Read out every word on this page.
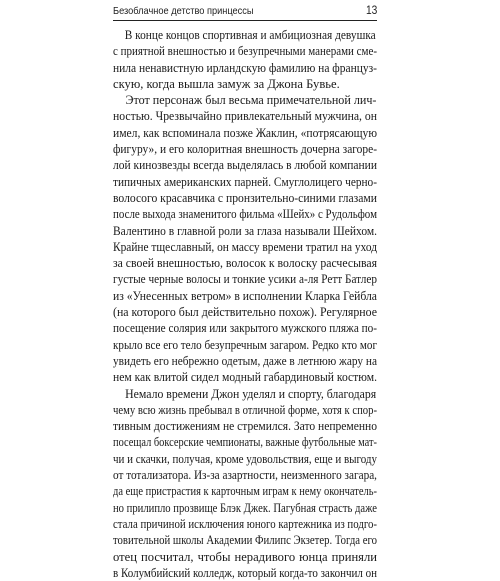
Безоблачное детство принцессы	13

В конце концов спортивная и амбициозная девушка
с приятной внешностью и безупречными манерами сме-
нила ненавистную ирландскую фамилию на француз-
скую, когда вышла замуж за Джона Бувье.

Этот персонаж был весьма примечательной лич-
ностью. Чрезвычайно привлекательный мужчина, он
имел, как вспоминала позже Жаклин, «потрясающую
фигуру», и его колоритная внешность дочерна загоре-
лой кинозвезды всегда выделялась в любой компании
типичных американских парней. Смуглолицего черно-
волосого красавчика с пронзительно-синими глазами
после выхода знаменитого фильма «Шейх» с Рудольфом
Валентино в главной роли за глаза называли Шейхом.
Крайне тщеславный, он массу времени тратил на уход
за своей внешностью, волосок к волоску расчесывая
густые черные волосы и тонкие усики а-ля Ретт Батлер
из «Унесенных ветром» в исполнении Кларка Гейбла
(на которого был действительно похож). Регулярное
посещение солярия или закрытого мужского пляжа по-
крыло все его тело безупречным загаром. Редко кто мог
увидеть его небрежно одетым, даже в летнюю жару на
нем как влитой сидел модный габардиновый костюм.

Немало времени Джон уделял и спорту, благодаря
чему всю жизнь пребывал в отличной форме, хотя к спор-
тивным достижениям не стремился. Зато непременно
посещал боксерские чемпионаты, важные футбольные мат-
чи и скачки, получая, кроме удовольствия, еще и выгоду
от тотализатора. Из-за азартности, неизменного загара,
да еще пристрастия к карточным играм к нему окончатель-
но прилипло прозвище Блэк Джек. Пагубная страсть даже
стала причиной исключения юного картежника из подго-
товительной школы Академии Филипс Экзетер. Тогда его
отец посчитал, чтобы нерадивого юнца приняли
в Колумбийский колледж, который когда-то закончил он
